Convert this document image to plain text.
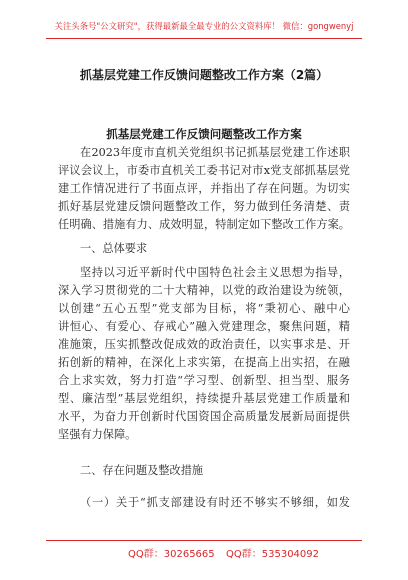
关注头条号"公文研究"，获得最新最全最专业的公文资料库！ 微信：gongwenyj
抓基层党建工作反馈问题整改工作方案（2篇）
抓基层党建工作反馈问题整改工作方案
在2023年度市直机关党组织书记抓基层党建工作述职
评议会议上，市委市直机关工委书记对市x党支部抓基层党
建工作情况进行了书面点评，并指出了存在问题。为切实
抓好基层党建反馈问题整改工作，努力做到任务清楚、责
任明确、措施有力、成效明显，特制定如下整改工作方案。
一、总体要求
坚持以习近平新时代中国特色社会主义思想为指导，
深入学习贯彻党的二十大精神，以党的政治建设为统领，
以创建“五心五型”党支部为目标，将“秉初心、融中心
讲恒心、有爱心、存戒心”融入党建理念，聚焦问题，精
准施策，压实抓整改促成效的政治责任，以实事求是、开
拓创新的精神，在深化上求实第，在提高上出实招，在融
合上求实效，努力打造“学习型、创新型、担当型、服务
型、廉洁型”基层党组织，持续提升基层党建工作质量和
水平，为奋力开创新时代国资国企高质量发展新局面提供
坚强有力保障。
二、存在问题及整改措施
（一）关于“抓支部建设有时还不够实不够细，如发
QQ群：30265665 QQ群：535304092
